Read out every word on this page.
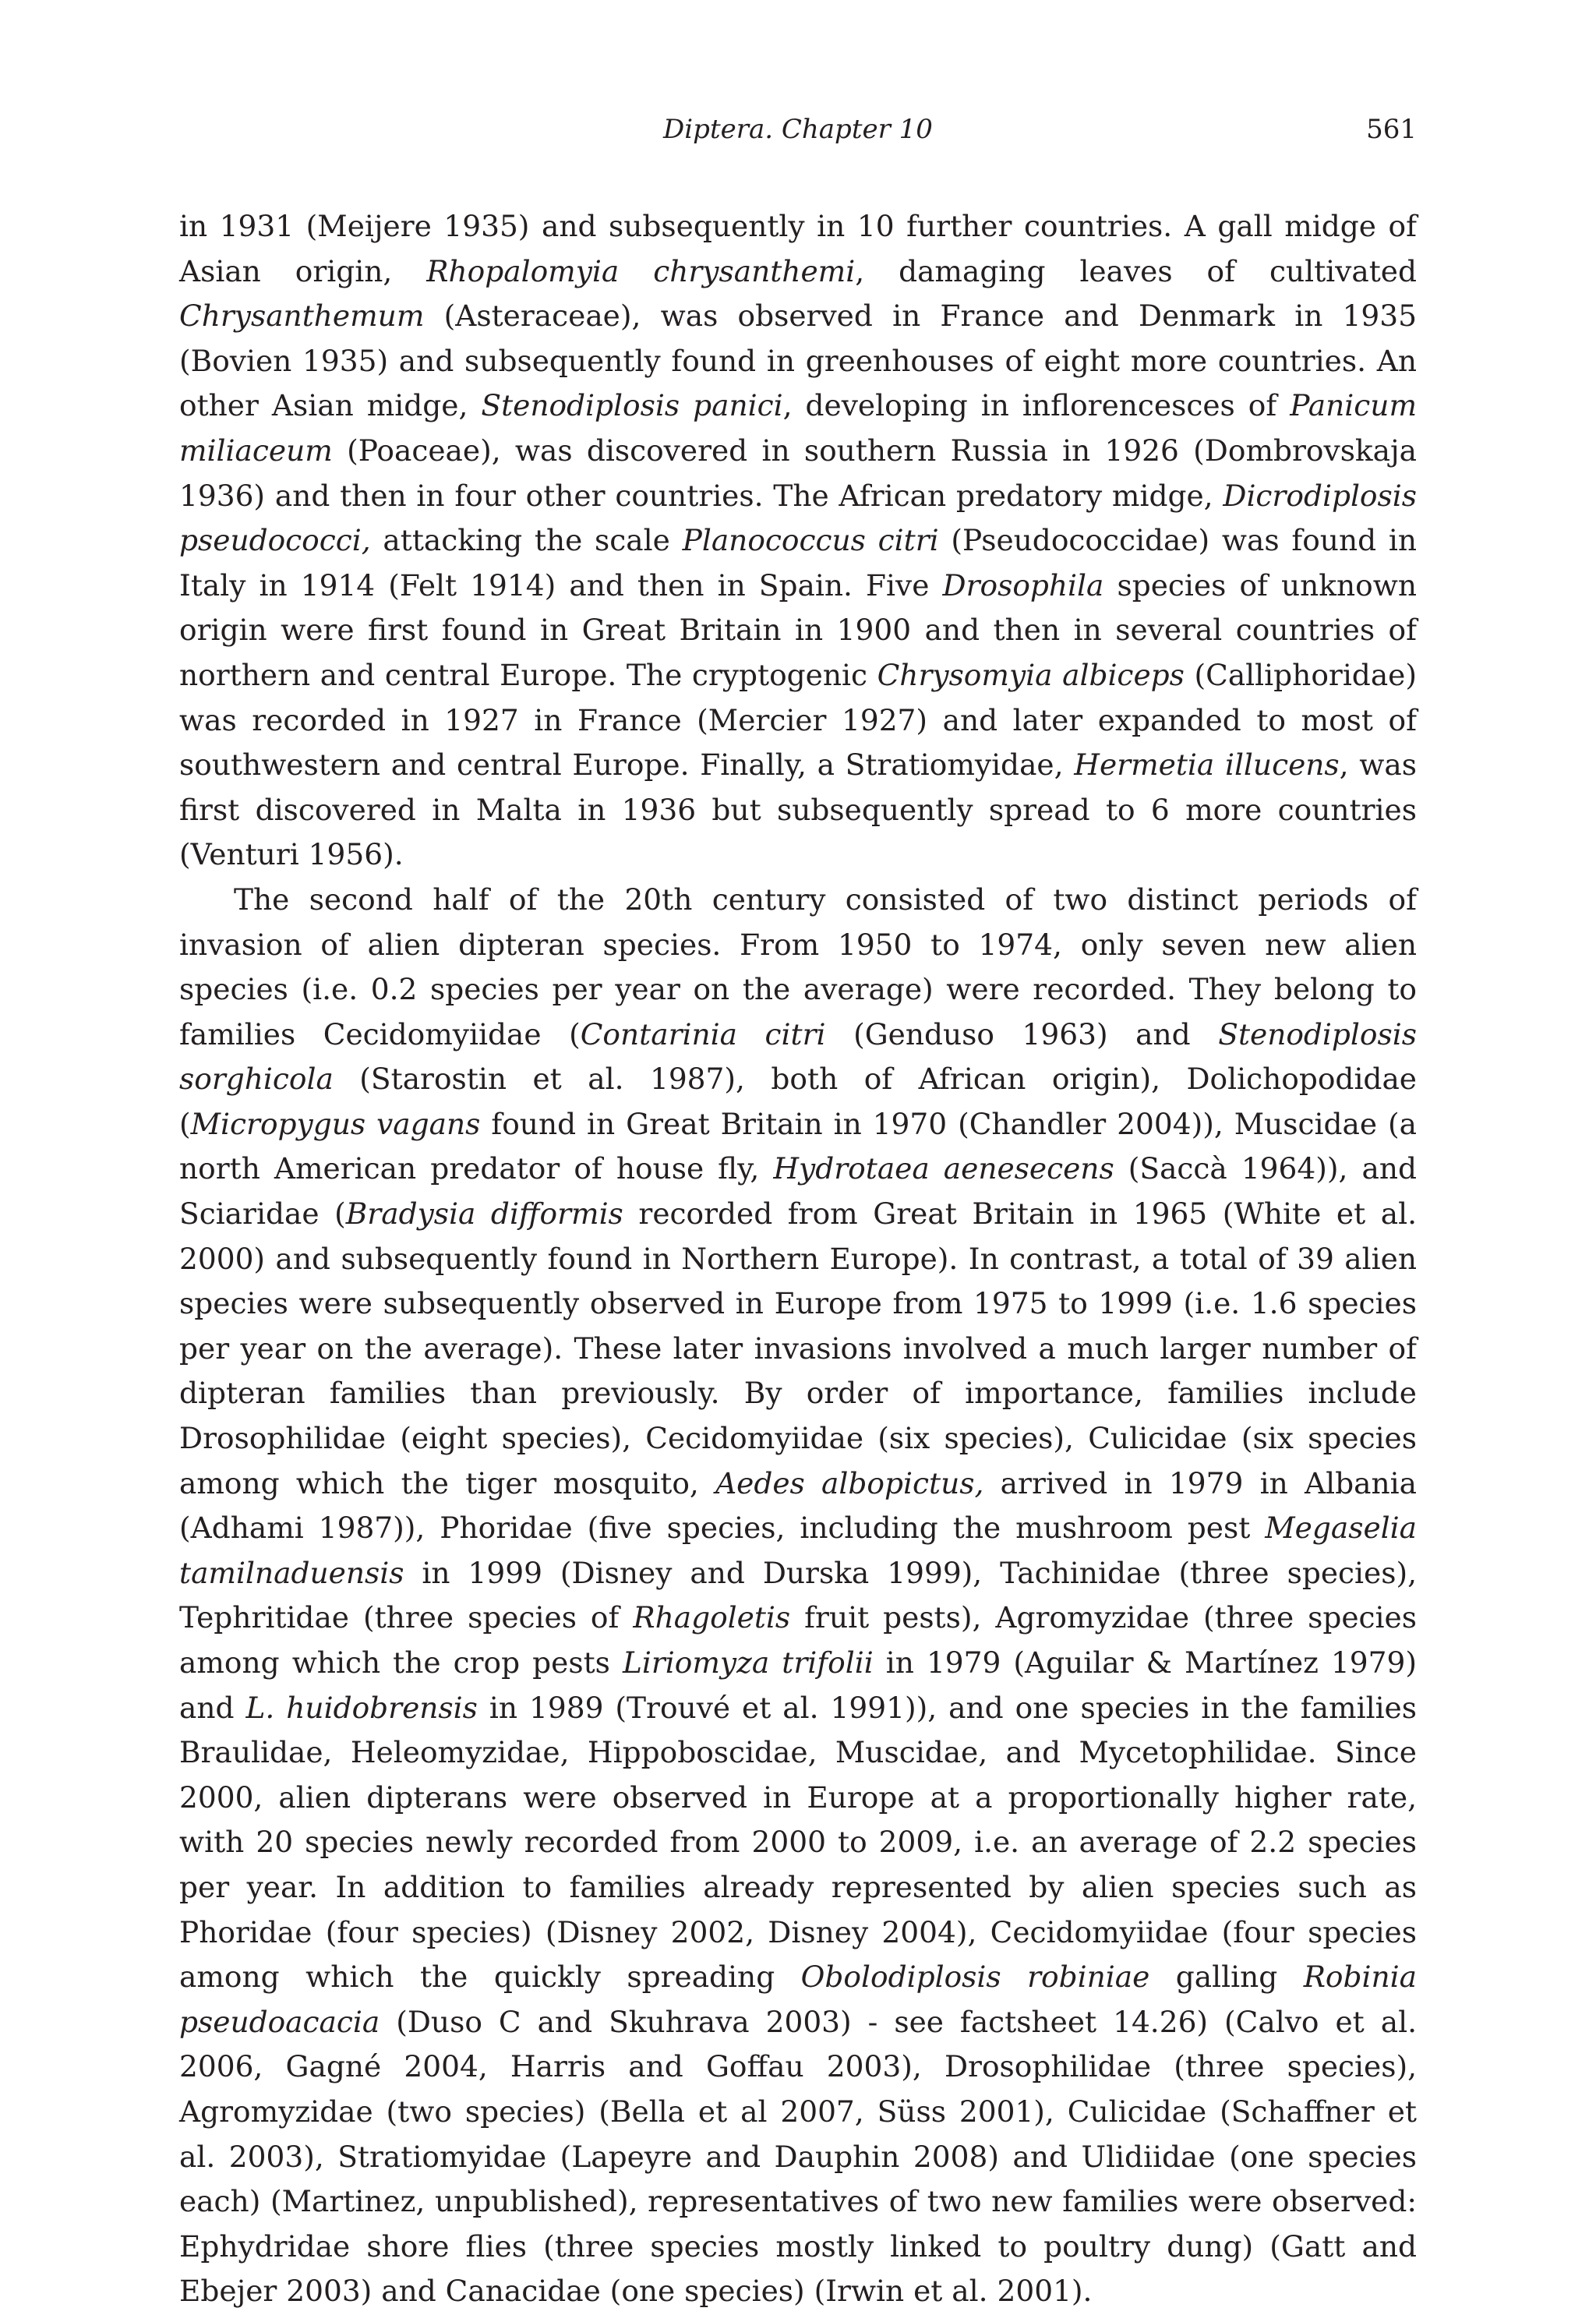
Diptera. Chapter 10	561

in 1931 (Meijere 1935) and subsequently in 10 further countries. A gall midge of Asian origin, Rhopalomyia chrysanthemi, damaging leaves of cultivated Chrysanthemum (Asteraceae), was observed in France and Denmark in 1935 (Bovien 1935) and subsequently found in greenhouses of eight more countries. An other Asian midge, Stenodiplosis panici, developing in inflorencesces of Panicum miliaceum (Poaceae), was discovered in southern Russia in 1926 (Dombrovskaja 1936) and then in four other countries. The African predatory midge, Dicrodiplosis pseudococci, attacking the scale Planococcus citri (Pseudococcidae) was found in Italy in 1914 (Felt 1914) and then in Spain. Five Drosophila species of unknown origin were first found in Great Britain in 1900 and then in several countries of northern and central Europe. The cryptogenic Chrysomyia albiceps (Calliphoridae) was recorded in 1927 in France (Mercier 1927) and later expanded to most of southwestern and central Europe. Finally, a Stratiomyidae, Hermetia illucens, was first discovered in Malta in 1936 but subsequently spread to 6 more countries (Venturi 1956).

The second half of the 20th century consisted of two distinct periods of invasion of alien dipteran species. From 1950 to 1974, only seven new alien species (i.e. 0.2 species per year on the average) were recorded. They belong to families Cecidomyiidae (Contarinia citri (Genduso 1963) and Stenodiplosis sorghicola (Starostin et al. 1987), both of African origin), Dolichopodidae (Micropygus vagans found in Great Britain in 1970 (Chandler 2004)), Muscidae (a north American predator of house fly, Hydrotaea aenesecens (Saccà 1964)), and Sciaridae (Bradysia difformis recorded from Great Britain in 1965 (White et al. 2000) and subsequently found in Northern Europe). In contrast, a total of 39 alien species were subsequently observed in Europe from 1975 to 1999 (i.e. 1.6 species per year on the average). These later invasions involved a much larger number of dipteran families than previously. By order of importance, families include Drosophilidae (eight species), Cecidomyiidae (six species), Culicidae (six species among which the tiger mosquito, Aedes albopictus, arrived in 1979 in Albania (Adhami 1987)), Phoridae (five species, including the mushroom pest Megaselia tamilnaduensis in 1999 (Disney and Durska 1999), Tachinidae (three species), Tephritidae (three species of Rhagoletis fruit pests), Agromyzidae (three species among which the crop pests Liriomyza trifolii in 1979 (Aguilar & Martínez 1979) and L. huidobrensis in 1989 (Trouvé et al. 1991)), and one species in the families Braulidae, Heleomyzidae, Hippoboscidae, Muscidae, and Mycetophilidae. Since 2000, alien dipterans were observed in Europe at a proportionally higher rate, with 20 species newly recorded from 2000 to 2009, i.e. an average of 2.2 species per year. In addition to families already represented by alien species such as Phoridae (four species) (Disney 2002, Disney 2004), Cecidomyiidae (four species among which the quickly spreading Obolodiplosis robiniae galling Robinia pseudoacacia (Duso C and Skuhrava 2003) - see factsheet 14.26) (Calvo et al. 2006, Gagné 2004, Harris and Goffau 2003), Drosophilidae (three species), Agromyzidae (two species) (Bella et al 2007, Süss 2001), Culicidae (Schaffner et al. 2003), Stratiomyidae (Lapeyre and Dauphin 2008) and Ulidiidae (one species each) (Martinez, unpublished), representatives of two new families were observed: Ephydridae shore flies (three species mostly linked to poultry dung) (Gatt and Ebejer 2003) and Canacidae (one species) (Irwin et al. 2001).
